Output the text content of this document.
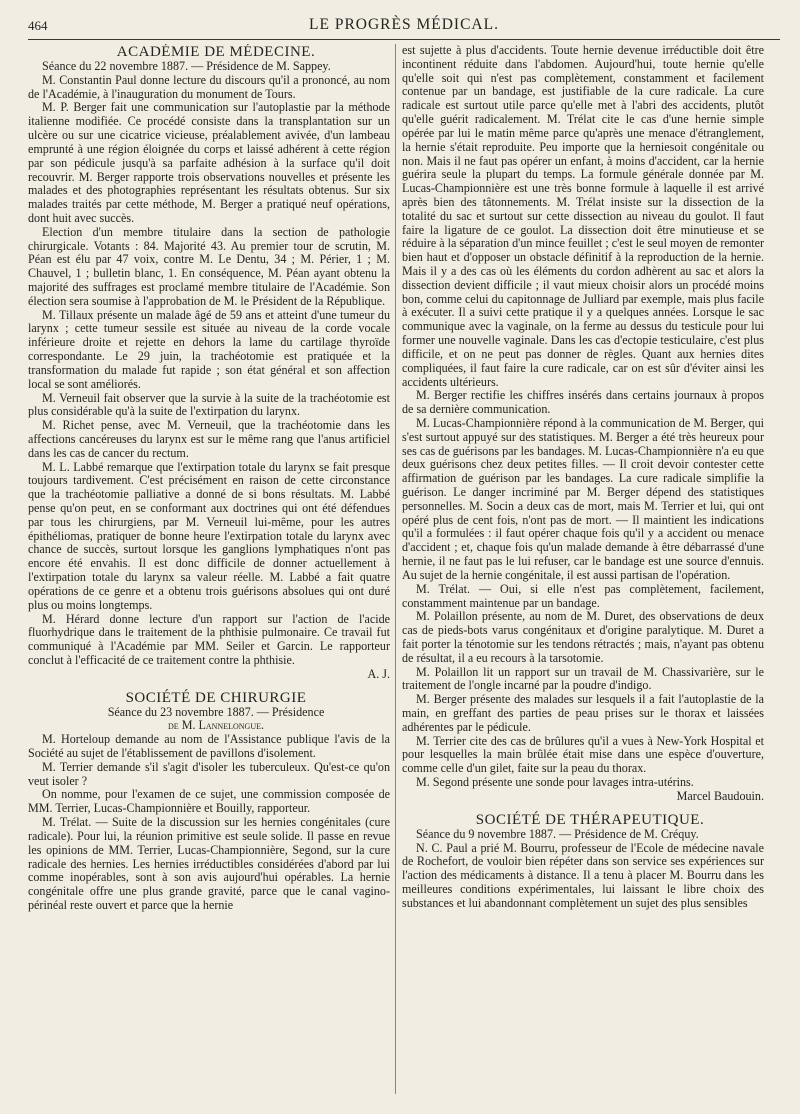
464	LE PROGRÈS MÉDICAL.

ACADÉMIE DE MÉDECINE.

Séance du 22 novembre 1887. — Présidence de M. Sappey.

M. Constantin Paul donne lecture du discours qu'il a prononcé, au nom de l'Académie, à l'inauguration du monument de Tours.

M. P. Berger fait une communication sur l'autoplastie par la méthode italienne modifiée. Ce procédé consiste dans la transplantation sur un ulcère ou sur une cicatrice vicieuse, préalablement avivée, d'un lambeau emprunté à une région éloignée du corps et laissé adhérent à cette région par son pédicule jusqu'à sa parfaite adhésion à la surface qu'il doit recouvrir. M. Berger rapporte trois observations nouvelles et présente les malades et des photographies représentant les résultats obtenus. Sur six malades traités par cette méthode, M. Berger a pratiqué neuf opérations, dont huit avec succès.

Election d'un membre titulaire dans la section de pathologie chirurgicale. Votants : 84. Majorité 43. Au premier tour de scrutin, M. Péan est élu par 47 voix, contre M. Le Dentu, 34 ; M. Périer, 1 ; M. Chauvel, 1 ; bulletin blanc, 1. En conséquence, M. Péan ayant obtenu la majorité des suffrages est proclamé membre titulaire de l'Académie. Son élection sera soumise à l'approbation de M. le Président de la République.

M. Tillaux présente un malade âgé de 59 ans et atteint d'une tumeur du larynx ; cette tumeur sessile est située au niveau de la corde vocale inférieure droite et rejette en dehors la lame du cartilage thyroïde correspondante. Le 29 juin, la trachéotomie est pratiquée et la transformation du malade fut rapide ; son état général et son affection local se sont améliorés.

M. Verneuil fait observer que la survie à la suite de la trachéotomie est plus considérable qu'à la suite de l'extirpation du larynx.

M. Richet pense, avec M. Verneuil, que la trachéotomie dans les affections cancéreuses du larynx est sur le même rang que l'anus artificiel dans les cas de cancer du rectum.

M. L. Labbé remarque que l'extirpation totale du larynx se fait presque toujours tardivement. C'est précisément en raison de cette circonstance que la trachéotomie palliative a donné de si bons résultats. M. Labbé pense qu'on peut, en se conformant aux doctrines qui ont été défendues par tous les chirurgiens, par M. Verneuil lui-même, pour les autres épithéliomas, pratiquer de bonne heure l'extirpation totale du larynx avec chance de succès, surtout lorsque les ganglions lymphatiques n'ont pas encore été envahis. Il est donc difficile de donner actuellement à l'extirpation totale du larynx sa valeur réelle. M. Labbé a fait quatre opérations de ce genre et a obtenu trois guérisons absolues qui ont duré plus ou moins longtemps.

M. Hérard donne lecture d'un rapport sur l'action de l'acide fluorhydrique dans le traitement de la phthisie pulmonaire. Ce travail fut communiqué à l'Académie par MM. Seiler et Garcin. Le rapporteur conclut à l'efficacité de ce traitement contre la phthisie.

A. J.

SOCIÉTÉ DE CHIRURGIE

Séance du 23 novembre 1887. — Présidence

de M. Lannelongue.

M. Horteloup demande au nom de l'Assistance publique l'avis de la Société au sujet de l'établissement de pavillons d'isolement.

M. Terrier demande s'il s'agit d'isoler les tuberculeux. Qu'est-ce qu'on veut isoler ?

On nomme, pour l'examen de ce sujet, une commission composée de MM. Terrier, Lucas-Championnière et Bouilly, rapporteur.

M. Trélat. — Suite de la discussion sur les hernies congénitales (cure radicale). Pour lui, la réunion primitive est seule solide. Il passe en revue les opinions de MM. Terrier, Lucas-Championnière, Segond, sur la cure radicale des hernies. Les hernies irréductibles considérées d'abord par lui comme inopérables, sont à son avis aujourd'hui opérables. La hernie congénitale offre une plus grande gravité, parce que le canal vagino-périnéal reste ouvert et parce que la hernie

est sujette à plus d'accidents. Toute hernie devenue irréductible doit être incontinent réduite dans l'abdomen. Aujourd'hui, toute hernie qu'elle qu'elle soit qui n'est pas complètement, constamment et facilement contenue par un bandage, est justifiable de la cure radicale. La cure radicale est surtout utile parce qu'elle met à l'abri des accidents, plutôt qu'elle guérit radicalement. M. Trélat cite le cas d'une hernie simple opérée par lui le matin même parce qu'après une menace d'étranglement, la hernie s'était reproduite. Peu importe que la herniesoit congénitale ou non. Mais il ne faut pas opérer un enfant, à moins d'accident, car la hernie guérira seule la plupart du temps. La formule générale donnée par M. Lucas-Championnière est une très bonne formule à laquelle il est arrivé après bien des tâtonnements. M. Trélat insiste sur la dissection de la totalité du sac et surtout sur cette dissection au niveau du goulot. Il faut faire la ligature de ce goulot. La dissection doit être minutieuse et se réduire à la séparation d'un mince feuillet ; c'est le seul moyen de remonter bien haut et d'opposer un obstacle définitif à la reproduction de la hernie. Mais il y a des cas où les éléments du cordon adhèrent au sac et alors la dissection devient difficile ; il vaut mieux choisir alors un procédé moins bon, comme celui du capitonnage de Julliard par exemple, mais plus facile à exécuter. Il a suivi cette pratique il y a quelques années. Lorsque le sac communique avec la vaginale, on la ferme au dessus du testicule pour lui former une nouvelle vaginale. Dans les cas d'ectopie testiculaire, c'est plus difficile, et on ne peut pas donner de règles. Quant aux hernies dites compliquées, il faut faire la cure radicale, car on est sûr d'éviter ainsi les accidents ultérieurs.

M. Berger rectifie les chiffres insérés dans certains journaux à propos de sa dernière communication.

M. Lucas-Championnière répond à la communication de M. Berger, qui s'est surtout appuyé sur des statistiques. M. Berger a été très heureux pour ses cas de guérisons par les bandages. M. Lucas-Championnière n'a eu que deux guérisons chez deux petites filles. — Il croit devoir contester cette affirmation de guérison par les bandages. La cure radicale simplifie la guérison. Le danger incriminé par M. Berger dépend des statistiques personnelles. M. Socin a deux cas de mort, mais M. Terrier et lui, qui ont opéré plus de cent fois, n'ont pas de mort. — Il maintient les indications qu'il a formulées : il faut opérer chaque fois qu'il y a accident ou menace d'accident ; et, chaque fois qu'un malade demande à être débarrassé d'une hernie, il ne faut pas le lui refuser, car le bandage est une source d'ennuis. Au sujet de la hernie congénitale, il est aussi partisan de l'opération.

M. Trélat. — Oui, si elle n'est pas complètement, facilement, constamment maintenue par un bandage.

M. Polaillon présente, au nom de M. Duret, des observations de deux cas de pieds-bots varus congénitaux et d'origine paralytique. M. Duret a fait porter la ténotomie sur les tendons rétractés ; mais, n'ayant pas obtenu de résultat, il a eu recours à la tarsotomie.

M. Polaillon lit un rapport sur un travail de M. Chassivarière, sur le traitement de l'ongle incarné par la poudre d'indigo.

M. Berger présente des malades sur lesquels il a fait l'autoplastie de la main, en greffant des parties de peau prises sur le thorax et laissées adhérentes par le pédicule.

M. Terrier cite des cas de brûlures qu'il a vues à New-York Hospital et pour lesquelles la main brûlée était mise dans une espèce d'ouverture, comme celle d'un gilet, faite sur la peau du thorax.

M. Segond présente une sonde pour lavages intra-utérins.

Marcel Baudouin.

SOCIÉTÉ DE THÉRAPEUTIQUE.

Séance du 9 novembre 1887. — Présidence de M. Créquy.

N. C. Paul a prié M. Bourru, professeur de l'Ecole de médecine navale de Rochefort, de vouloir bien répéter dans son service ses expériences sur l'action des médicaments à distance. Il a tenu à placer M. Bourru dans les meilleures conditions expérimentales, lui laissant le libre choix des substances et lui abandonnant complètement un sujet des plus sensibles
